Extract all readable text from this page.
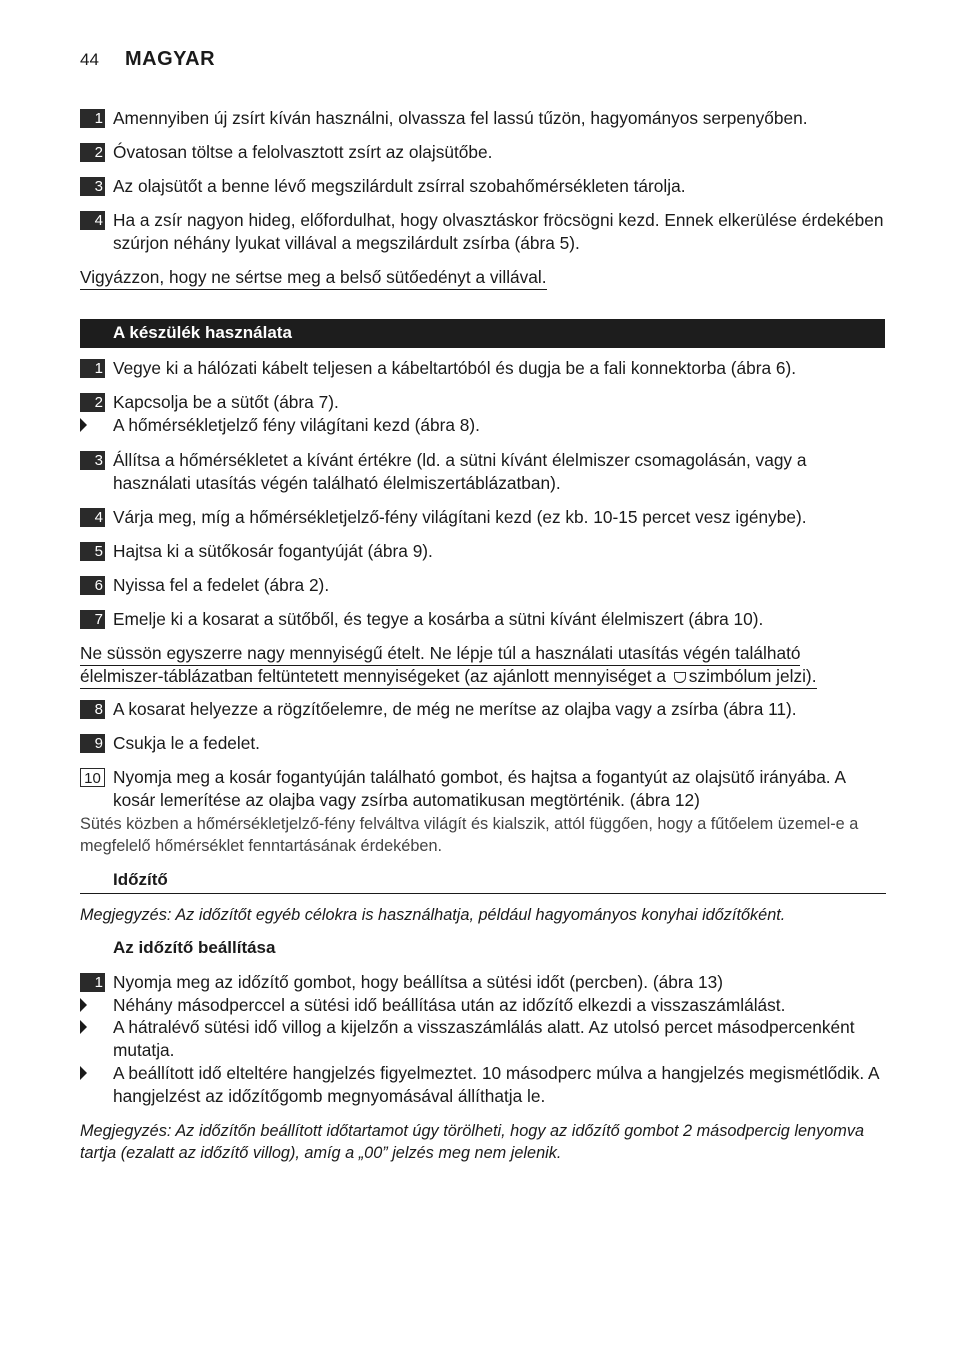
44 MAGYAR
1 Amennyiben új zsírt kíván használni, olvassza fel lassú tűzön, hagyományos serpenyőben.
2 Óvatosan töltse a felolvasztott zsírt az olajsütőbe.
3 Az olajsütőt a benne lévő megszilárdult zsírral szobahőmérsékleten tárolja.
4 Ha a zsír nagyon hideg, előfordulhat, hogy olvasztáskor fröcsögni kezd. Ennek elkerülése érdekében szúrjon néhány lyukat villával a megszilárdult zsírba (ábra 5).
Vigyázzon, hogy ne sértse meg a belső sütőedényt a villával.
A készülék használata
1 Vegye ki a hálózati kábelt teljesen a kábeltartóból és dugja be a fali konnektorba (ábra 6).
2 Kapcsolja be a sütőt (ábra 7).
A hőmérsékletjelző fény világítani kezd (ábra 8).
3 Állítsa a hőmérsékletet a kívánt értékre (ld. a sütni kívánt élelmiszer csomagolásán, vagy a használati utasítás végén található élelmiszertáblázatban).
4 Várja meg, míg a hőmérsékletjelző-fény világítani kezd (ez kb. 10-15 percet vesz igénybe).
5 Hajtsa ki a sütőkosár fogantyúját (ábra 9).
6 Nyissa fel a fedelet (ábra 2).
7 Emelje ki a kosarat a sütőből, és tegye a kosárba a sütni kívánt élelmiszert (ábra 10).
Ne süssön egyszerre nagy mennyiségű ételt. Ne lépje túl a használati utasítás végén található
élelmiszer-táblázatban feltüntetett mennyiségeket (az ajánlott mennyiséget a szimbólum jelzi).
8 A kosarat helyezze a rögzítőelemre, de még ne merítse az olajba vagy a zsírba (ábra 11).
9 Csukja le a fedelet.
10 Nyomja meg a kosár fogantyúján található gombot, és hajtsa a fogantyút az olajsütő irányába. A kosár lemerítése az olajba vagy zsírba automatikusan megtörténik. (ábra 12)
Sütés közben a hőmérsékletjelző-fény felváltva világít és kialszik, attól függően, hogy a fűtőelem üzemel-e a megfelelő hőmérséklet fenntartásának érdekében.
Időzítő
Megjegyzés: Az időzítőt egyéb célokra is használhatja, például hagyományos konyhai időzítőként.
Az időzítő beállítása
1 Nyomja meg az időzítő gombot, hogy beállítsa a sütési időt (percben). (ábra 13)
Néhány másodperccel a sütési idő beállítása után az időzítő elkezdi a visszaszámlálást.
A hátralévő sütési idő villog a kijelzőn a visszaszámlálás alatt. Az utolsó percet másodpercenként mutatja.
A beállított idő elteltére hangjelzés figyelmeztet. 10 másodperc múlva a hangjelzés megismétlődik. A hangjelzést az időzítőgomb megnyomásával állíthatja le.
Megjegyzés: Az időzítőn beállított időtartamot úgy törölheti, hogy az időzítő gombot 2 másodpercig lenyomva tartja (ezalatt az időzítő villog), amíg a „00” jelzés meg nem jelenik.
